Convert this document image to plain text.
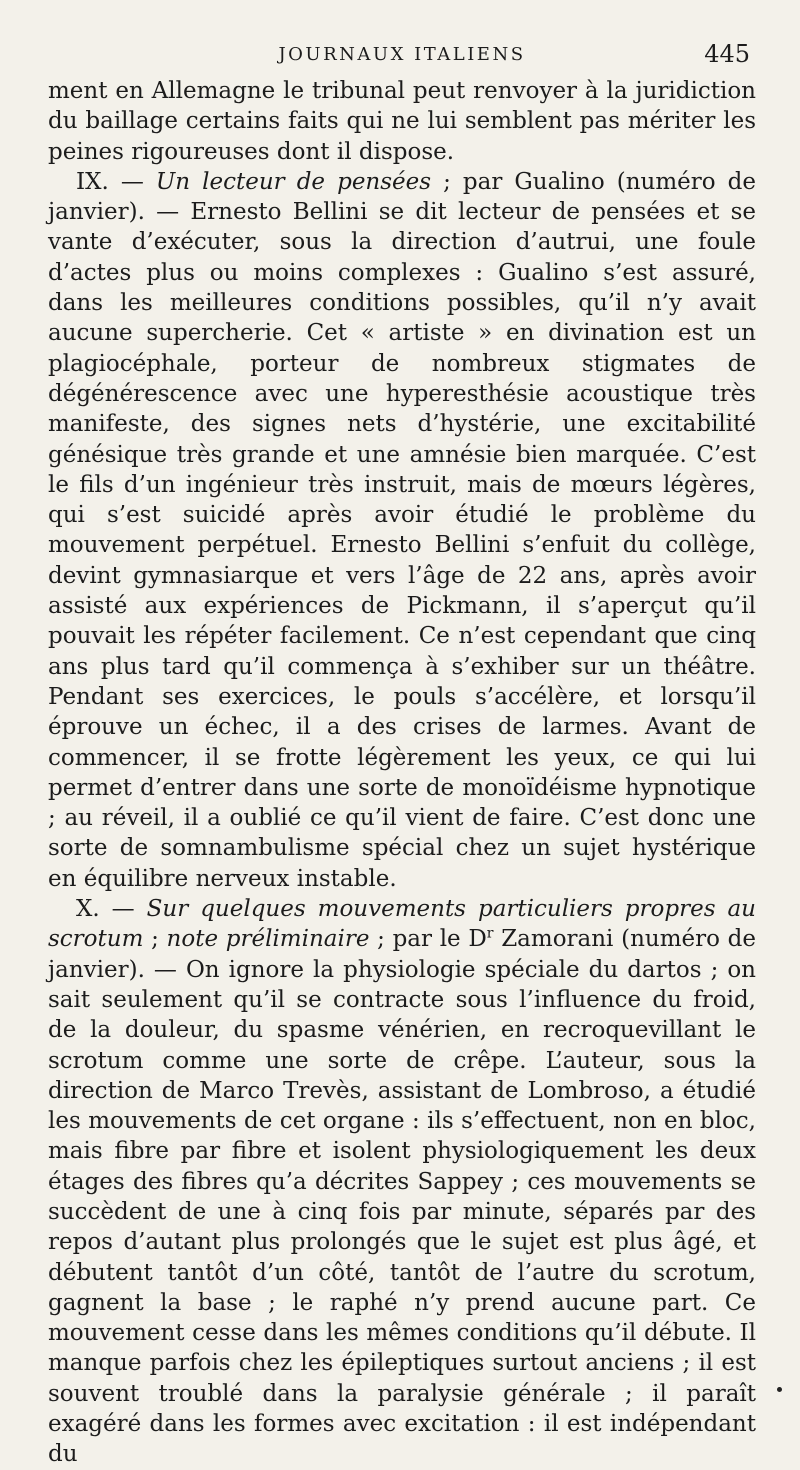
JOURNAUX ITALIENS	445

ment en Allemagne le tribunal peut renvoyer à la juridiction du baillage certains faits qui ne lui semblent pas mériter les peines rigoureuses dont il dispose.

IX. — Un lecteur de pensées ; par Gualino (numéro de janvier). — Ernesto Bellini se dit lecteur de pensées et se vante d’exécuter, sous la direction d’autrui, une foule d’actes plus ou moins complexes : Gualino s’est assuré, dans les meilleures conditions possibles, qu’il n’y avait aucune supercherie. Cet « artiste » en divination est un plagiocéphale, porteur de nombreux stigmates de dégénérescence avec une hyperesthésie acoustique très manifeste, des signes nets d’hystérie, une excitabilité génésique très grande et une amnésie bien marquée. C’est le fils d’un ingénieur très instruit, mais de mœurs légères, qui s’est suicidé après avoir étudié le problème du mouvement perpétuel. Ernesto Bellini s’enfuit du collège, devint gymnasiarque et vers l’âge de 22 ans, après avoir assisté aux expériences de Pickmann, il s’aperçut qu’il pouvait les répéter facilement. Ce n’est cependant que cinq ans plus tard qu’il commença à s’exhiber sur un théâtre. Pendant ses exercices, le pouls s’accélère, et lorsqu’il éprouve un échec, il a des crises de larmes. Avant de commencer, il se frotte légèrement les yeux, ce qui lui permet d’entrer dans une sorte de monoïdéisme hypnotique ; au réveil, il a oublié ce qu’il vient de faire. C’est donc une sorte de somnambulisme spécial chez un sujet hystérique en équilibre nerveux instable.

X. — Sur quelques mouvements particuliers propres au scrotum ; note préliminaire ; par le $D^r$ Zamorani (numéro de janvier). — On ignore la physiologie spéciale du dartos ; on sait seulement qu’il se contracte sous l’influence du froid, de la douleur, du spasme vénérien, en recroquevillant le scrotum comme une sorte de crêpe. L’auteur, sous la direction de Marco Trevès, assistant de Lombroso, a étudié les mouvements de cet organe : ils s’effectuent, non en bloc, mais fibre par fibre et isolent physiologiquement les deux étages des fibres qu’a décrites Sappey ; ces mouvements se succèdent de une à cinq fois par minute, séparés par des repos d’autant plus prolongés que le sujet est plus âgé, et débutent tantôt d’un côté, tantôt de l’autre du scrotum, gagnent la base ; le raphé n’y prend aucune part. Ce mouvement cesse dans les mêmes conditions qu’il débute. Il manque parfois chez les épileptiques surtout anciens ; il est souvent troublé dans la paralysie générale ; il paraît exagéré dans les formes avec excitation : il est indépendant du
